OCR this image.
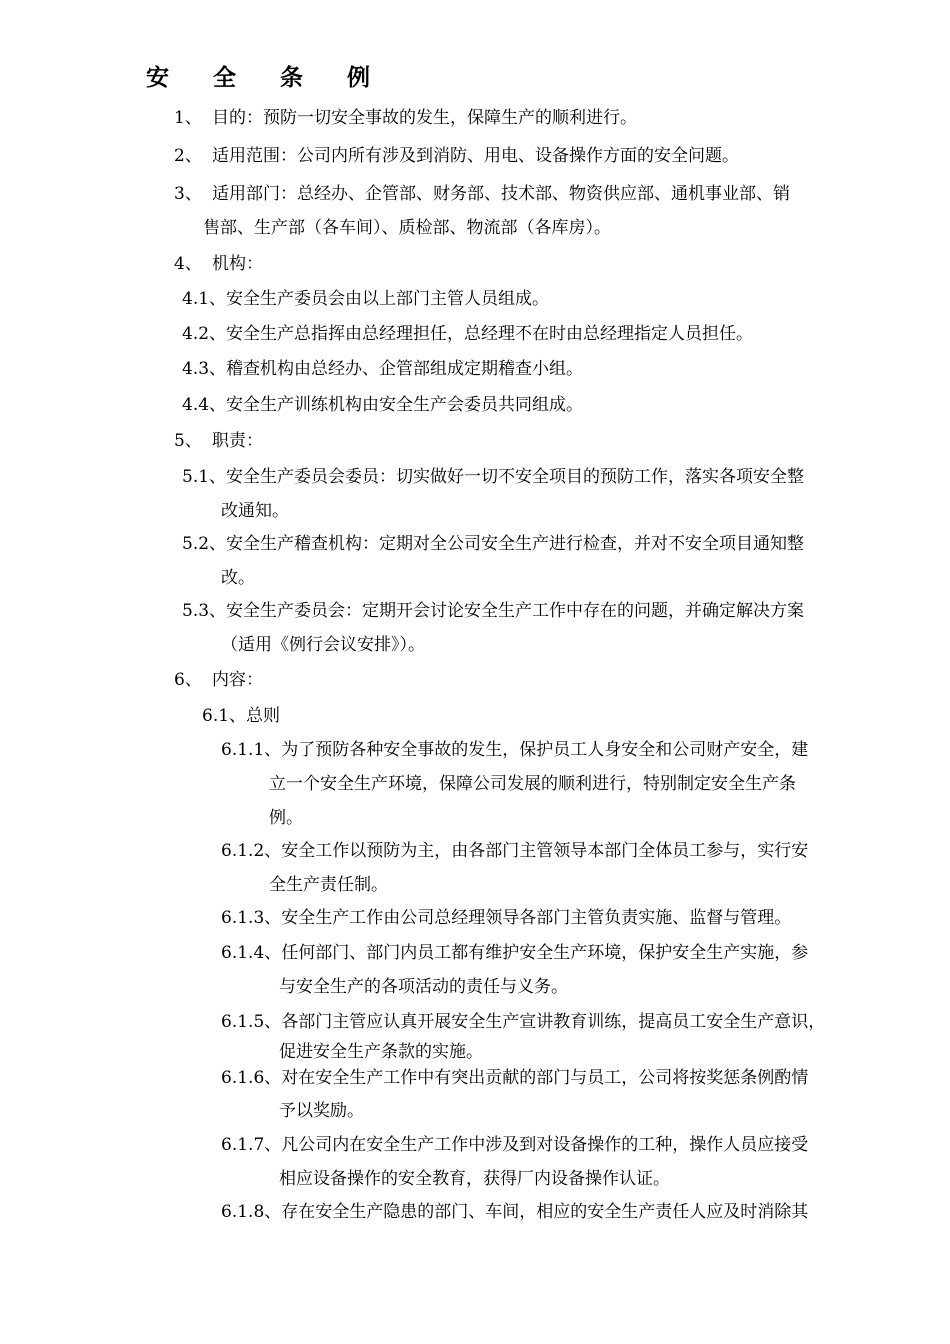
安 全 条 例
1、 目的：预防一切安全事故的发生，保障生产的顺利进行。
2、 适用范围：公司内所有涉及到消防、用电、设备操作方面的安全问题。
3、 适用部门：总经办、企管部、财务部、技术部、物资供应部、通机事业部、销
售部、生产部（各车间）、质检部、物流部（各库房）。
4、 机构：
4.1、安全生产委员会由以上部门主管人员组成。
4.2、安全生产总指挥由总经理担任，总经理不在时由总经理指定人员担任。
4.3、稽查机构由总经办、企管部组成定期稽查小组。
4.4、安全生产训练机构由安全生产会委员共同组成。
5、 职责：
5.1、安全生产委员会委员：切实做好一切不安全项目的预防工作，落实各项安全整
改通知。
5.2、安全生产稽查机构：定期对全公司安全生产进行检查，并对不安全项目通知整
改。
5.3、安全生产委员会：定期开会讨论安全生产工作中存在的问题，并确定解决方案
（适用《例行会议安排》）。
6、 内容：
6.1、总则
6.1.1、为了预防各种安全事故的发生，保护员工人身安全和公司财产安全，建
立一个安全生产环境，保障公司发展的顺利进行，特别制定安全生产条
例。
6.1.2、安全工作以预防为主，由各部门主管领导本部门全体员工参与，实行安
全生产责任制。
6.1.3、安全生产工作由公司总经理领导各部门主管负责实施、监督与管理。
6.1.4、任何部门、部门内员工都有维护安全生产环境，保护安全生产实施，参
与安全生产的各项活动的责任与义务。
6.1.5、各部门主管应认真开展安全生产宣讲教育训练，提高员工安全生产意识，
促进安全生产条款的实施。
6.1.6、对在安全生产工作中有突出贡献的部门与员工，公司将按奖惩条例酌情
予以奖励。
6.1.7、凡公司内在安全生产工作中涉及到对设备操作的工种，操作人员应接受
相应设备操作的安全教育，获得厂内设备操作认证。
6.1.8、存在安全生产隐患的部门、车间，相应的安全生产责任人应及时消除其
